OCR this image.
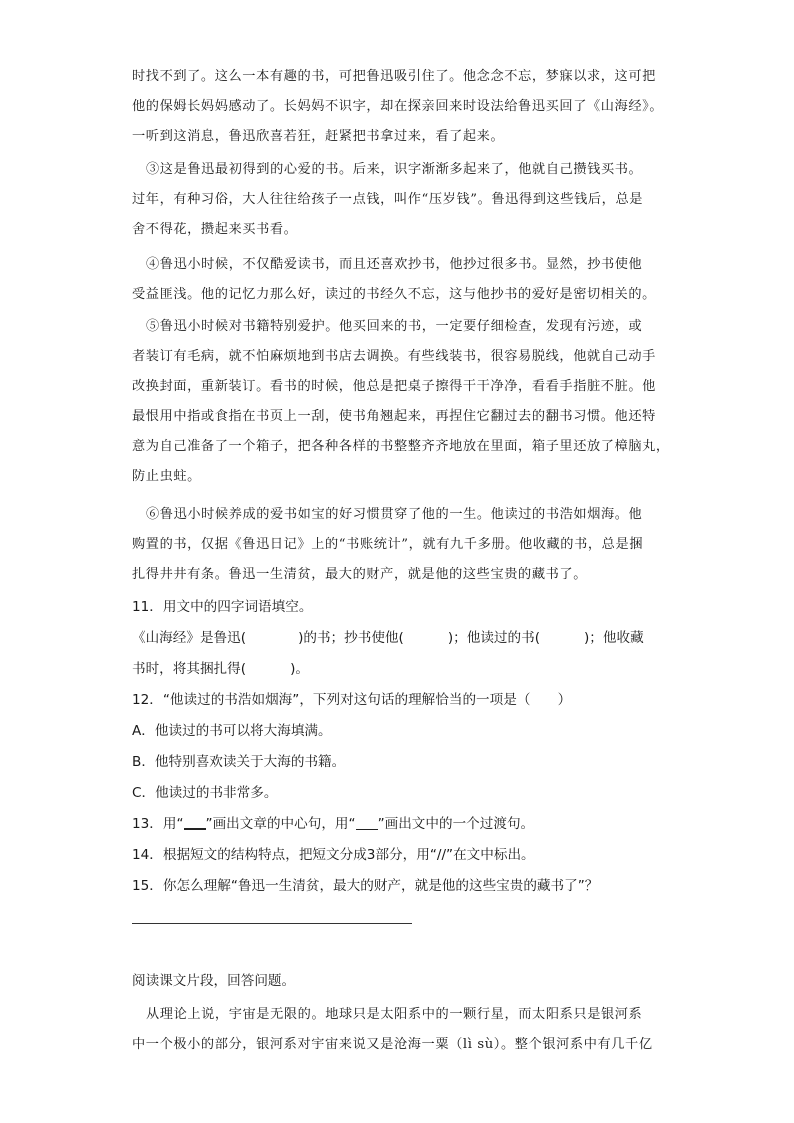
时找不到了。这么一本有趣的书，可把鲁迅吸引住了。他念念不忘，梦寐以求，这可把

他的保姆长妈妈感动了。长妈妈不识字，却在探亲回来时设法给鲁迅买回了《山海经》。

一听到这消息，鲁迅欣喜若狂，赶紧把书拿过来，看了起来。

③这是鲁迅最初得到的心爱的书。后来，识字渐渐多起来了，他就自己攒钱买书。

过年，有种习俗，大人往往给孩子一点钱，叫作“压岁钱”。鲁迅得到这些钱后，总是

舍不得花，攒起来买书看。

④鲁迅小时候，不仅酷爱读书，而且还喜欢抄书，他抄过很多书。显然，抄书使他

受益匪浅。他的记忆力那么好，读过的书经久不忘，这与他抄书的爱好是密切相关的。

⑤鲁迅小时候对书籍特别爱护。他买回来的书，一定要仔细检查，发现有污迹，或

者装订有毛病，就不怕麻烦地到书店去调换。有些线装书，很容易脱线，他就自己动手

改换封面，重新装订。看书的时候，他总是把桌子擦得干干净净，看看手指脏不脏。他

最恨用中指或食指在书页上一刮，使书角翘起来，再捏住它翻过去的翻书习惯。他还特

意为自己准备了一个箱子，把各种各样的书整整齐齐地放在里面，箱子里还放了樟脑丸，

防止虫蛀。

⑥鲁迅小时候养成的爱书如宝的好习惯贯穿了他的一生。他读过的书浩如烟海。他

购置的书，仅据《鲁迅日记》上的“书账统计”，就有九千多册。他收藏的书，总是捆

扎得井井有条。鲁迅一生清贫，最大的财产，就是他的这些宝贵的藏书了。

11．用文中的四字词语填空。

《山海经》是鲁迅(	)的书；抄书使他(	)；他读过的书(	)；他收藏

书时，将其捆扎得(	)。

12．“他读过的书浩如烟海”，下列对这句话的理解恰当的一项是（　　）

A．他读过的书可以将大海填满。

B．他特别喜欢读关于大海的书籍。

C．他读过的书非常多。

13．用“ ”画出文章的中心句，用“ ”画出文中的一个过渡句。

14．根据短文的结构特点，把短文分成3部分，用“//”在文中标出。

15．你怎么理解“鲁迅一生清贫，最大的财产，就是他的这些宝贵的藏书了”？

阅读课文片段，回答问题。

从理论上说，宇宙是无限的。地球只是太阳系中的一颗行星，而太阳系只是银河系

中一个极小的部分，银河系对宇宙来说又是沧海一粟（lì sù）。整个银河系中有几千亿
